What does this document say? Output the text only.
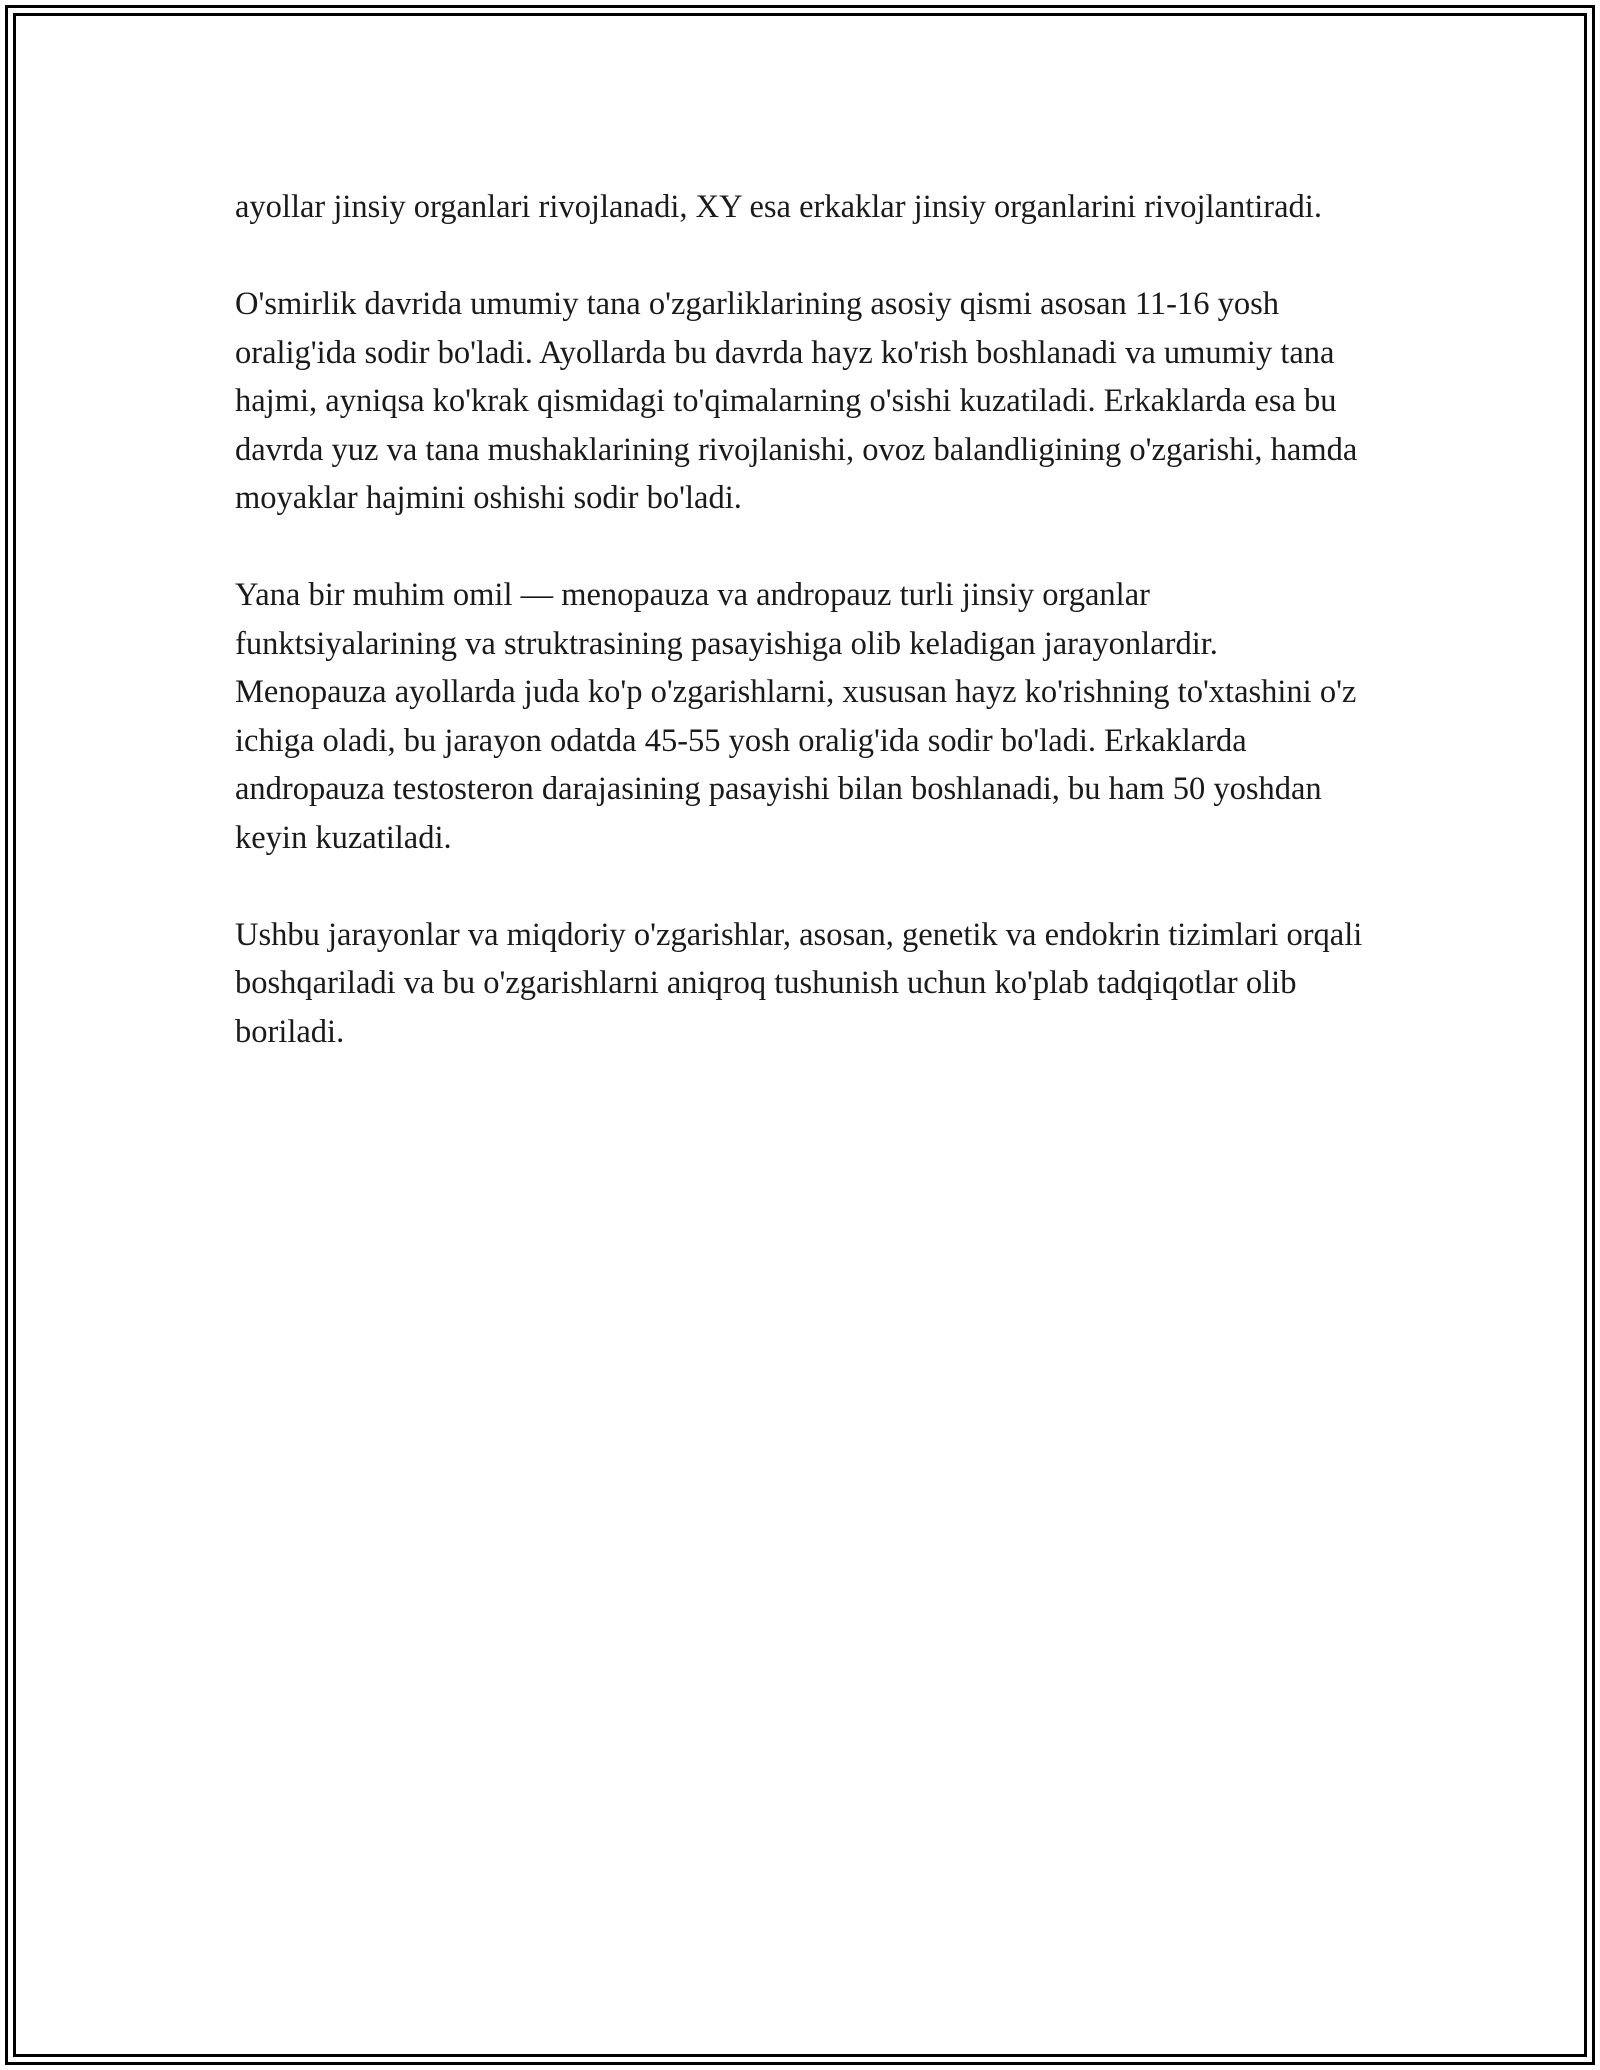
ayollar jinsiy organlari rivojlanadi, XY esa erkaklar jinsiy organlarini rivojlantiradi.

O'smirlik davrida umumiy tana o'zgarliklarining asosiy qismi asosan 11-16 yosh oralig'ida sodir bo'ladi. Ayollarda bu davrda hayz ko'rish boshlanadi va umumiy tana hajmi, ayniqsa ko'krak qismidagi to'qimalarning o'sishi kuzatiladi. Erkaklarda esa bu davrda yuz va tana mushaklarining rivojlanishi, ovoz balandligining o'zgarishi, hamda moyaklar hajmini oshishi sodir bo'ladi.

Yana bir muhim omil — menopauza va andropauz turli jinsiy organlar funktsiyalarining va struktrasining pasayishiga olib keladigan jarayonlardir. Menopauza ayollarda juda ko'p o'zgarishlarni, xususan hayz ko'rishning to'xtashini o'z ichiga oladi, bu jarayon odatda 45-55 yosh oralig'ida sodir bo'ladi. Erkaklarda andropauza testosteron darajasining pasayishi bilan boshlanadi, bu ham 50 yoshdan keyin kuzatiladi.

Ushbu jarayonlar va miqdoriy o'zgarishlar, asosan, genetik va endokrin tizimlari orqali boshqariladi va bu o'zgarishlarni aniqroq tushunish uchun ko'plab tadqiqotlar olib boriladi.
